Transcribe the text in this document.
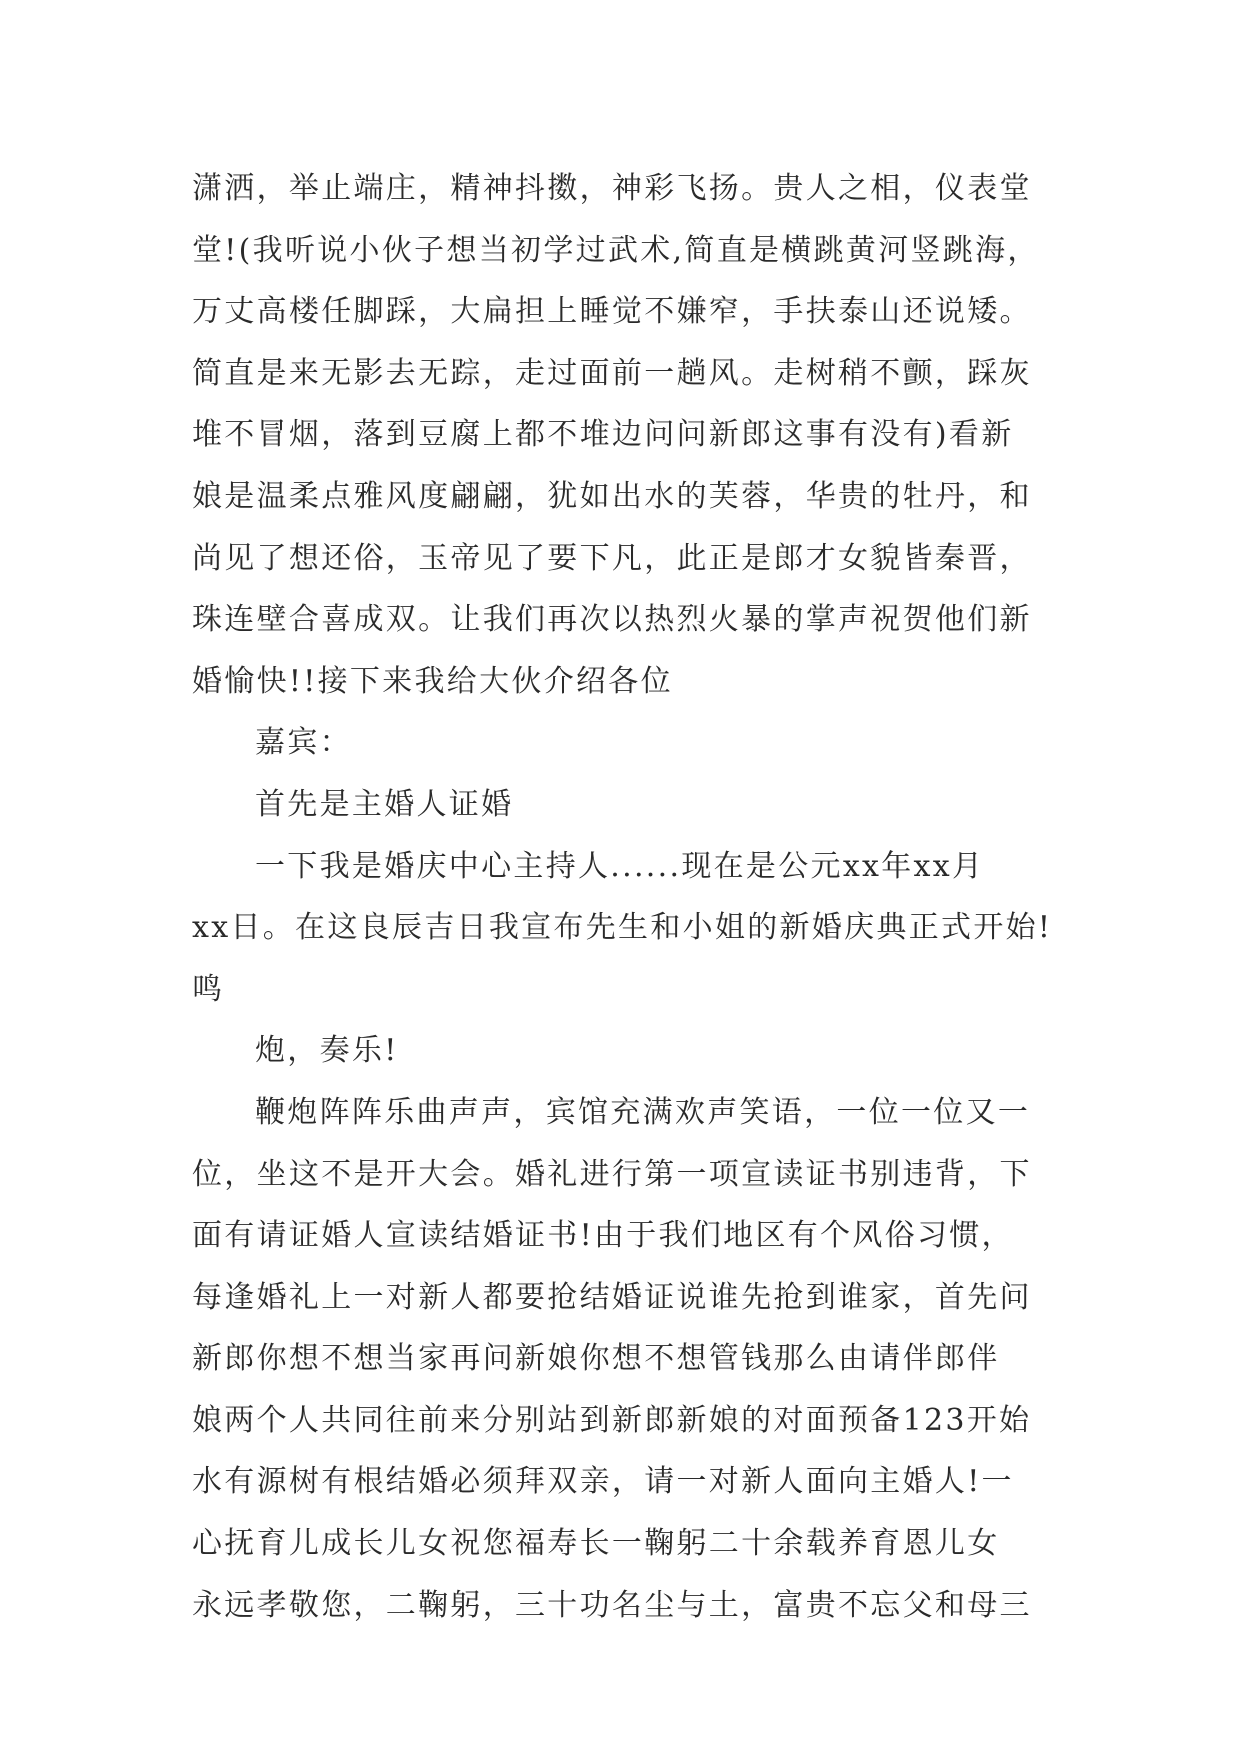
潇洒，举止端庄，精神抖擞，神彩飞扬。贵人之相，仪表堂
堂!(我听说小伙子想当初学过武术,简直是横跳黄河竖跳海，
万丈高楼任脚踩，大扁担上睡觉不嫌窄，手扶泰山还说矮。
简直是来无影去无踪，走过面前一趟风。走树稍不颤，踩灰
堆不冒烟，落到豆腐上都不堆边问问新郎这事有没有)看新
娘是温柔点雅风度翩翩，犹如出水的芙蓉，华贵的牡丹，和
尚见了想还俗，玉帝见了要下凡，此正是郎才女貌皆秦晋，
珠连壁合喜成双。让我们再次以热烈火暴的掌声祝贺他们新
婚愉快!!接下来我给大伙介绍各位
嘉宾：
首先是主婚人证婚
一下我是婚庆中心主持人......现在是公元xx年xx月
xx日。在这良辰吉日我宣布先生和小姐的新婚庆典正式开始!
鸣
炮，奏乐!
鞭炮阵阵乐曲声声，宾馆充满欢声笑语，一位一位又一
位，坐这不是开大会。婚礼进行第一项宣读证书别违背，下
面有请证婚人宣读结婚证书!由于我们地区有个风俗习惯，
每逢婚礼上一对新人都要抢结婚证说谁先抢到谁家，首先问
新郎你想不想当家再问新娘你想不想管钱那么由请伴郎伴
娘两个人共同往前来分别站到新郎新娘的对面预备123开始
水有源树有根结婚必须拜双亲，请一对新人面向主婚人!一
心抚育儿成长儿女祝您福寿长一鞠躬二十余载养育恩儿女
永远孝敬您，二鞠躬，三十功名尘与土，富贵不忘父和母三
